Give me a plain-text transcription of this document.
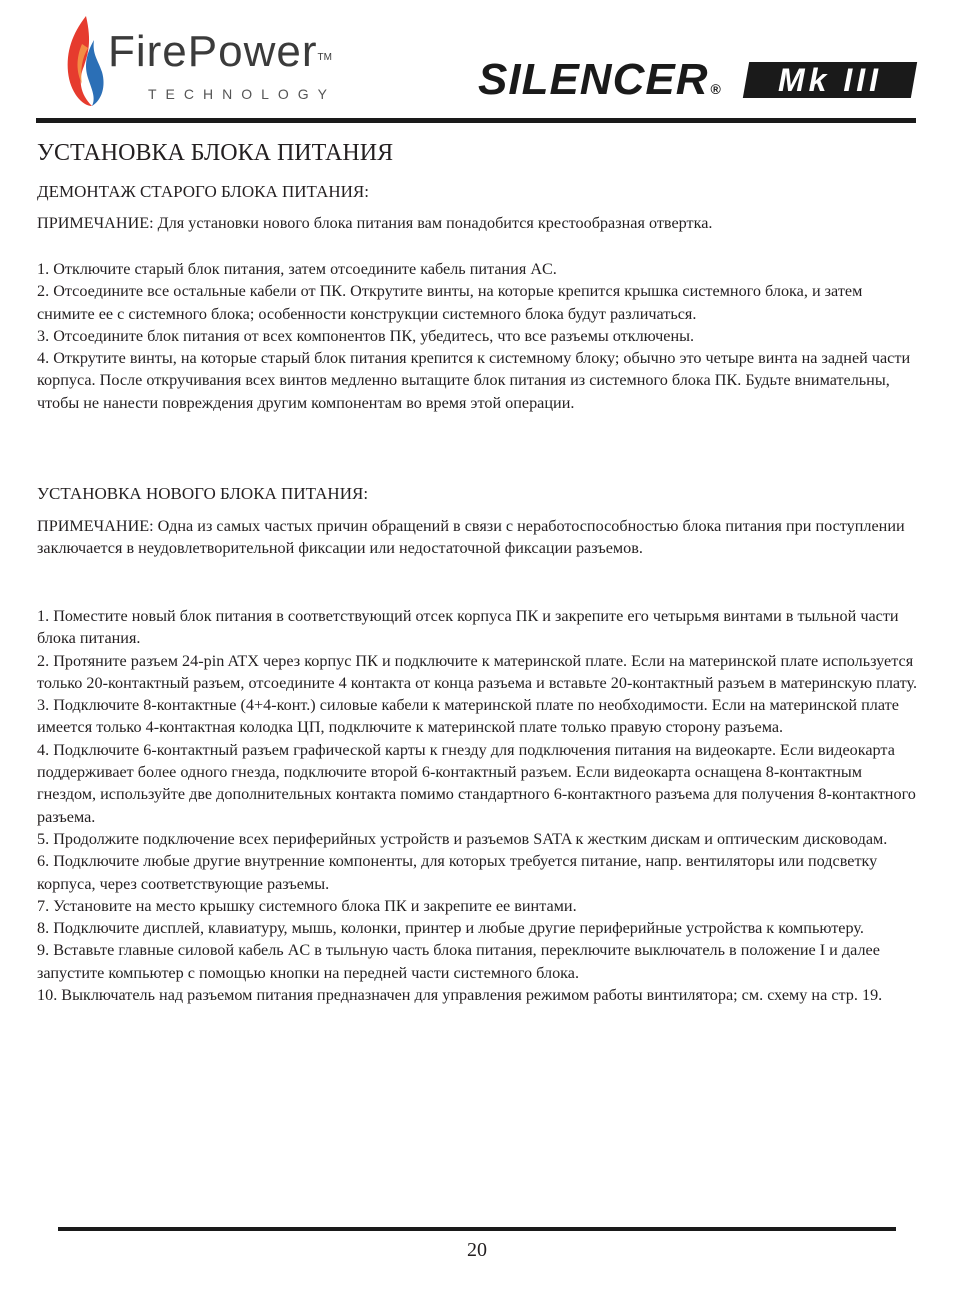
FirePower™
TECHNOLOGY	SILENCER ®	Mk III
УСТАНОВКА БЛОКА ПИТАНИЯ
ДЕМОНТАЖ СТАРОГО БЛОКА ПИТАНИЯ:

ПРИМЕЧАНИЕ: Для установки нового блока питания вам понадобится крестообразная отвертка.

1. Отключите старый блок питания, затем отсоедините кабель питания AC.
2. Отсоедините все остальные кабели от ПК. Открутите винты, на которые крепится крышка системного блока, и затем снимите ее с системного блока; особенности конструкции системного блока будут различаться.
3. Отсоедините блок питания от всех компонентов ПК, убедитесь, что все разъемы отключены.
4. Открутите винты, на которые старый блок питания крепится к системному блоку; обычно это четыре винта на задней части корпуса. После откручивания всех винтов медленно вытащите блок питания из системного блока ПК. Будьте внимательны, чтобы не нанести повреждения другим компонентам во время этой операции.

УСТАНОВКА НОВОГО БЛОКА ПИТАНИЯ:

ПРИМЕЧАНИЕ: Одна из самых частых причин обращений в связи с неработоспособностью блока питания при поступлении заключается в неудовлетворительной фиксации или недостаточной фиксации разъемов.

1. Поместите новый блок питания в соответствующий отсек корпуса ПК и закрепите его четырьмя винтами в тыльной части блока питания.
2. Протяните разъем 24-pin ATX через корпус ПК и подключите к материнской плате. Если на материнской плате используется только 20-контактный разъем, отсоедините 4 контакта от конца разъема и вставьте 20-контактный разъем в материнскую плату.
3. Подключите 8-контактные (4+4-конт.) силовые кабели к материнской плате по необходимости. Если на материнской плате имеется только 4-контактная колодка ЦП, подключите к материнской плате только правую сторону разъема.
4. Подключите 6-контактный разъем графической карты к гнезду для подключения питания на видеокарте. Если видеокарта поддерживает более одного гнезда, подключите второй 6-контактный разъем. Если видеокарта оснащена 8-контактным гнездом, используйте две дополнительных контакта помимо стандартного 6-контактного разъема для получения 8-контактного разъема.
5. Продолжите подключение всех периферийных устройств и разъемов SATA к жестким дискам и оптическим дисководам.
6. Подключите любые другие внутренние компоненты, для которых требуется питание, напр. вентиляторы или подсветку корпуса, через соответствующие разъемы.
7. Установите на место крышку системного блока ПК и закрепите ее винтами.
8. Подключите дисплей, клавиатуру, мышь, колонки, принтер и любые другие периферийные устройства к компьютеру.
9. Вставьте главные силовой кабель AC в тыльную часть блока питания, переключите выключатель в положение I и далее запустите компьютер с помощью кнопки на передней части системного блока.
10. Выключатель над разъемом питания предназначен для управления режимом работы винтилятора; см. схему на стр. 19.

20
